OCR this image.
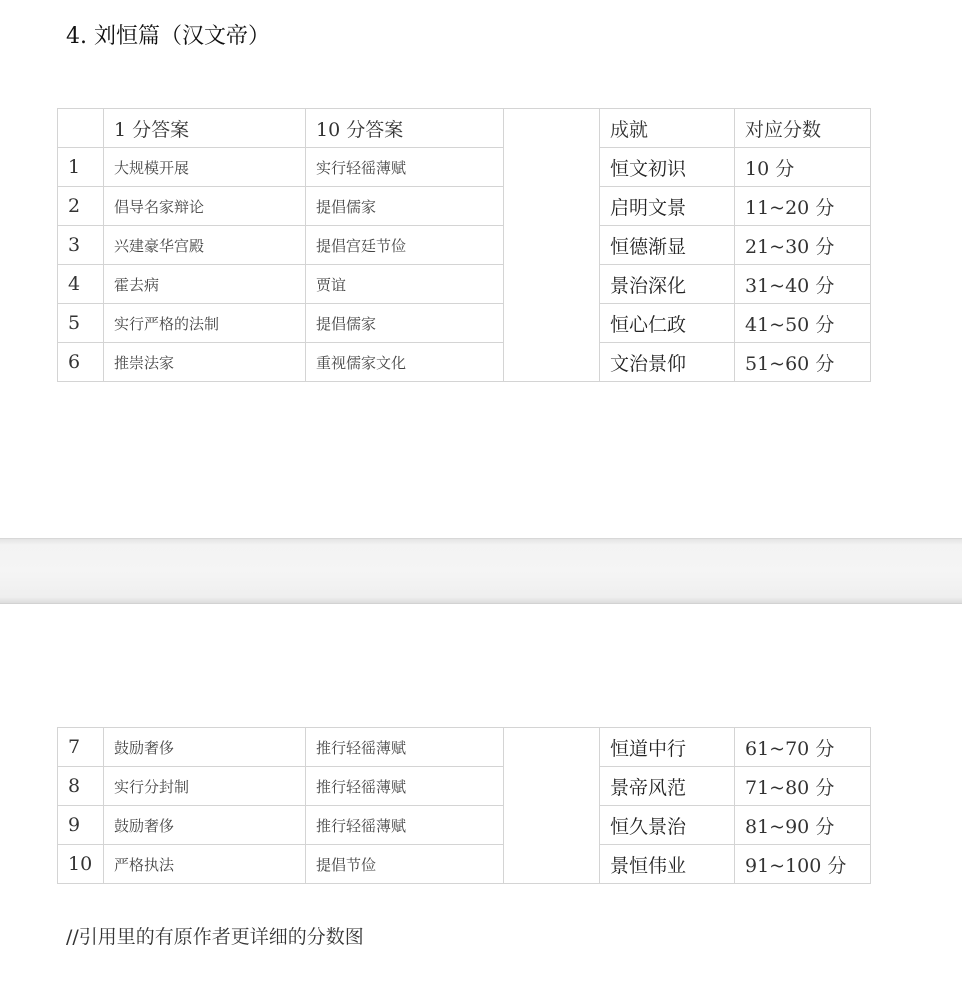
4. 刘恒篇（汉文帝）
	1 分答案	10 分答案		成就	对应分数
1	大规模开展	实行轻徭薄赋		恒文初识	10 分
2	倡导名家辩论	提倡儒家		启明文景	11~20 分
3	兴建豪华宫殿	提倡宫廷节俭		恒德渐显	21~30 分
4	霍去病	贾谊		景治深化	31~40 分
5	实行严格的法制	提倡儒家		恒心仁政	41~50 分
6	推崇法家	重视儒家文化		文治景仰	51~60 分
7	鼓励奢侈	推行轻徭薄赋		恒道中行	61~70 分
8	实行分封制	推行轻徭薄赋		景帝风范	71~80 分
9	鼓励奢侈	推行轻徭薄赋		恒久景治	81~90 分
10	严格执法	提倡节俭		景恒伟业	91~100 分
//引用里的有原作者更详细的分数图
